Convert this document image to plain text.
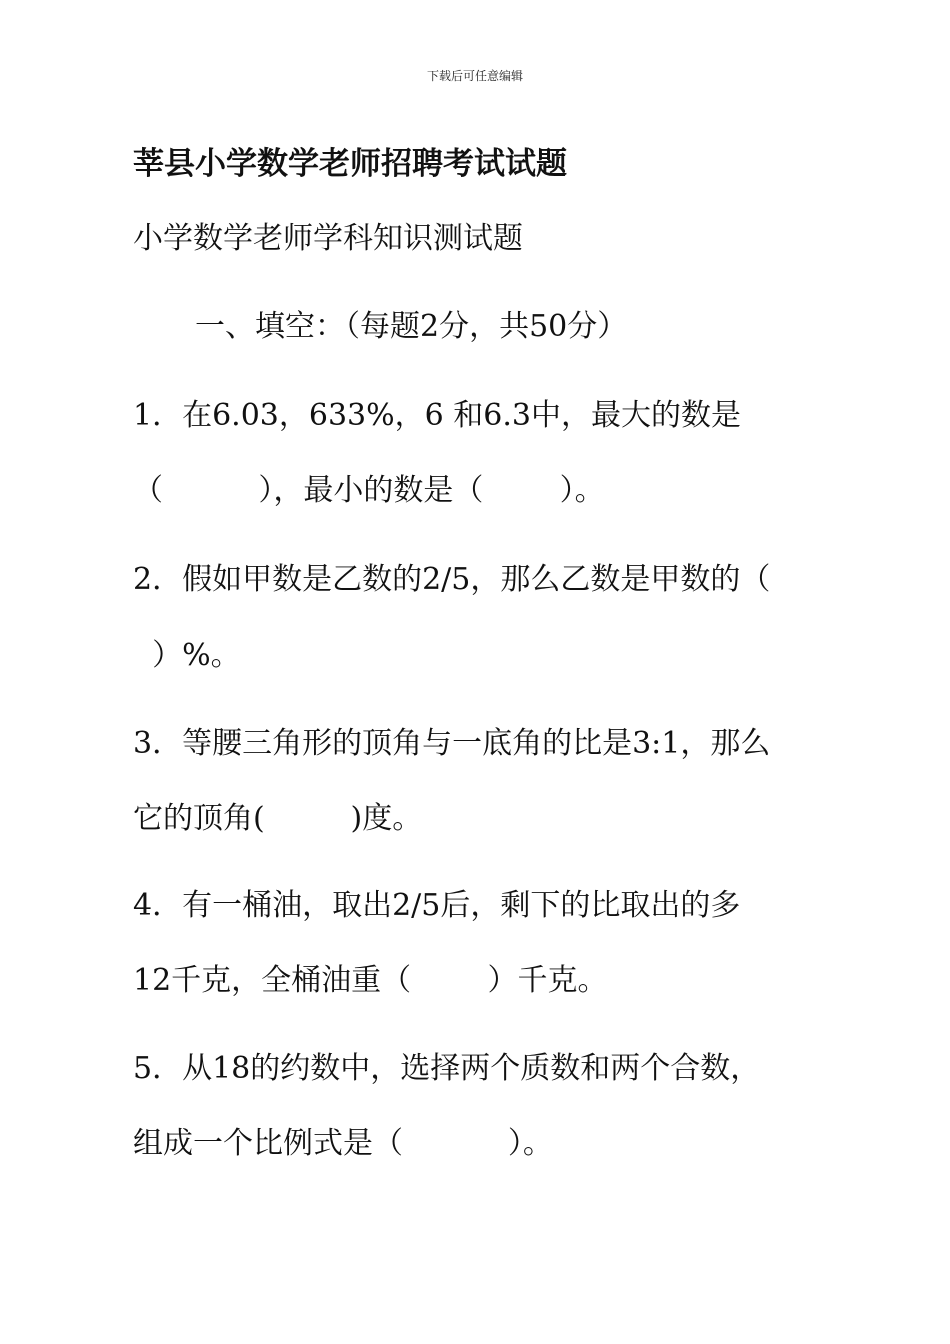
下载后可任意编辑
莘县小学数学老师招聘考试试题
小学数学老师学科知识测试题
一、填空：（每题2分，共50分）
1．在6.03，633%，6 和6.3中，最大的数是
（          ），最小的数是（        ）。
2．假如甲数是乙数的2/5，那么乙数是甲数的（
）%。
3．等腰三角形的顶角与一底角的比是3:1，那么
它的顶角(         )度。
4．有一桶油，取出2/5后，剩下的比取出的多
12千克，全桶油重（        ）千克。
5．从18的约数中，选择两个质数和两个合数，
组成一个比例式是（           ）。
